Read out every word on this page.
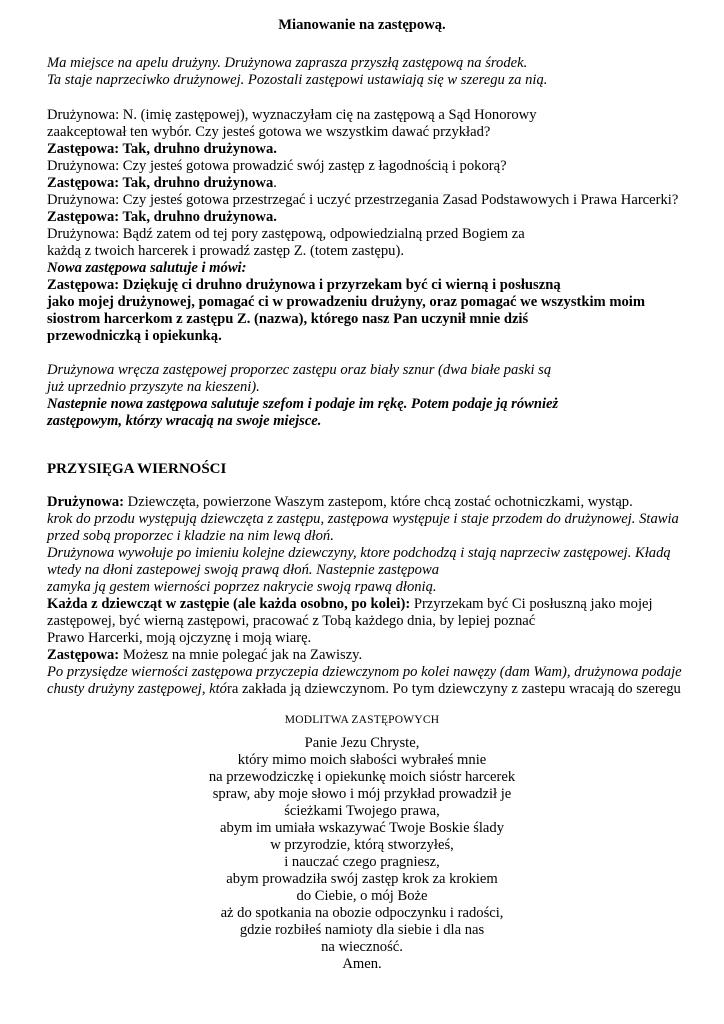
Mianowanie na zastępową.
Ma miejsce na apelu drużyny. Drużynowa zaprasza przyszłą zastępową na środek.
Ta staje naprzeciwko drużynowej. Pozostali zastępowi ustawiają się w szeregu za nią.
Drużynowa: N. (imię zastępowej), wyznaczyłam cię na zastępową a Sąd Honorowy
zaakceptował ten wybór. Czy jesteś gotowa we wszystkim dawać przykład?
Zastępowa: Tak, druhno drużynowa.
Drużynowa: Czy jesteś gotowa prowadzić swój zastęp z łagodnością i pokorą?
Zastępowa: Tak, druhno drużynowa.
Drużynowa: Czy jesteś gotowa przestrzegać i uczyć przestrzegania Zasad Podstawowych i Prawa Harcerki?
Zastępowa: Tak, druhno drużynowa.
Drużynowa: Bądź zatem od tej pory zastępową, odpowiedzialną przed Bogiem za
każdą z twoich harcerek i prowadź zastęp Z. (totem zastępu).
Nowa zastępowa salutuje i mówi:
Zastępowa: Dziękuję ci druhno drużynowa i przyrzekam być ci wierną i posłuszną
jako mojej drużynowej, pomagać ci w prowadzeniu drużyny, oraz pomagać we wszystkim moim
siostrom harcerkom z zastępu Z. (nazwa), którego nasz Pan uczynił mnie dziś
przewodniczką i opiekunką.
Drużynowa wręcza zastępowej proporzec zastępu oraz biały sznur (dwa białe paski są
już uprzednio przyszyte na kieszeni).
Nastepnie nowa zastępowa salutuje szefom i podaje im rękę. Potem podaje ją również
zastępowym, którzy wracają na swoje miejsce.
PRZYSIĘGA WIERNOŚCI
Drużynowa: Dziewczęta, powierzone Waszym zastepom, które chcą zostać ochotniczkami, wystąp.
krok do przodu występują dziewczęta z zastępu, zastępowa występuje i staje przodem do drużynowej. Stawia
przed sobą proporzec i kladzie na nim lewą dłoń.
Drużynowa wywołuje po imieniu kolejne dziewczyny, ktore podchodzą i stają naprzeciw zastępowej. Kładą
wtedy na dłoni zastepowej swoją prawą dłoń. Nastepnie zastępowa
zamyka ją gestem wierności poprzez nakrycie swoją rpawą dłonią.
Każda z dziewcząt w zastępie (ale każda osobno, po kolei): Przyrzekam być Ci posłuszną jako mojej
zastępowej, być wierną zastępowi, pracować z Tobą każdego dnia, by lepiej poznać
Prawo Harcerki, moją ojczyznę i moją wiarę.
Zastępowa: Możesz na mnie polegać jak na Zawiszy.
Po przysiędze wierności zastępowa przyczepia dziewczynom po kolei nawęzy (dam Wam), drużynowa podaje
chusty drużyny zastępowej, która zakłada ją dziewczynom. Po tym dziewczyny z zastepu wracają do szeregu
MODLITWA ZASTĘPOWYCH
Panie Jezu Chryste,
który mimo moich słabości wybrałeś mnie
na przewodziczkę i opiekunkę moich sióstr harcerek
spraw, aby moje słowo i mój przykład prowadził je
ścieżkami Twojego prawa,
abym im umiała wskazywać Twoje Boskie ślady
w przyrodzie, którą stworzyłeś,
i nauczać czego pragniesz,
abym prowadziła swój zastęp krok za krokiem
do Ciebie, o mój Boże
aż do spotkania na obozie odpoczynku i radości,
gdzie rozbiłeś namioty dla siebie i dla nas
na wieczność.
Amen.
